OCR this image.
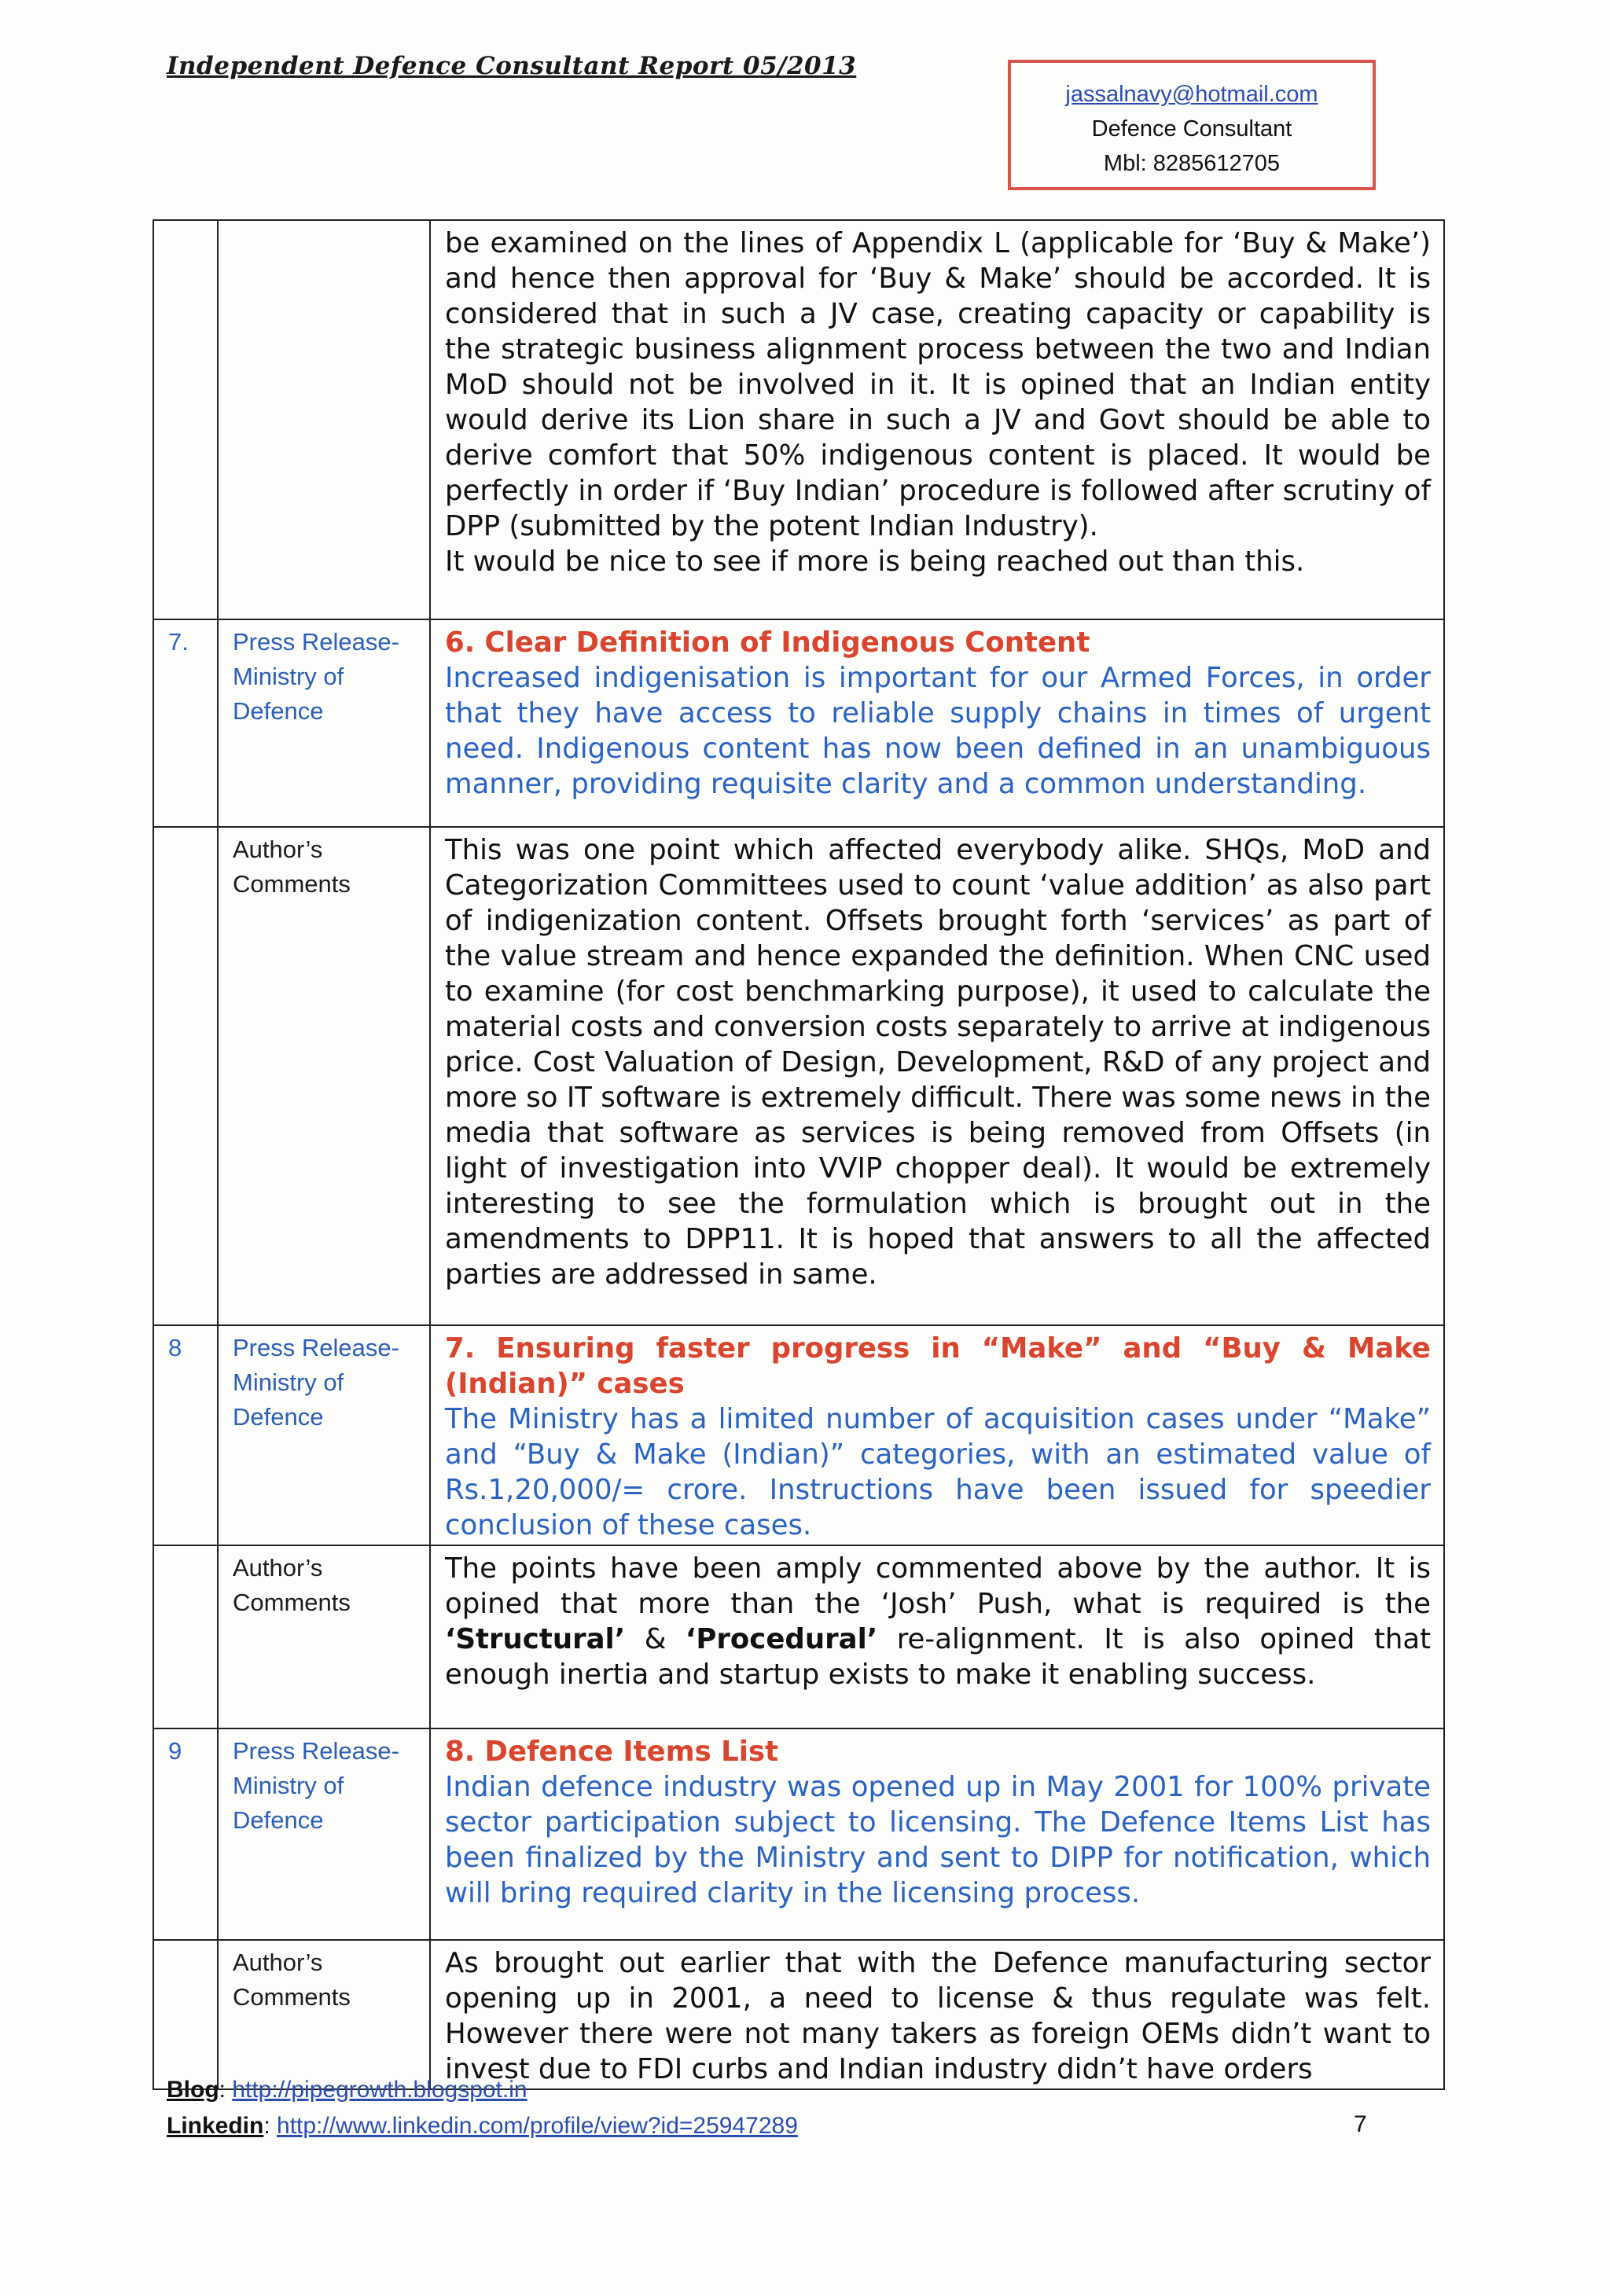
Independent Defence Consultant Report 05/2013
jassalnavy@hotmail.com
Defence Consultant
Mbl: 8285612705

		be examined on the lines of Appendix L (applicable for ‘Buy & Make’) and hence then approval for ‘Buy & Make’ should be accorded. It is considered that in such a JV case, creating capacity or capability is the strategic business alignment process between the two and Indian MoD should not be involved in it. It is opined that an Indian entity would derive its Lion share in such a JV and Govt should be able to derive comfort that 50% indigenous content is placed. It would be perfectly in order if ‘Buy Indian’ procedure is followed after scrutiny of DPP (submitted by the potent Indian Industry).

It would be nice to see if more is being reached out than this.

7.	Press Release- Ministry of Defence	6. Clear Definition of Indigenous Content

Increased indigenisation is important for our Armed Forces, in order that they have access to reliable supply chains in times of urgent need. Indigenous content has now been defined in an unambiguous manner, providing requisite clarity and a common understanding.

	Author’s Comments	This was one point which affected everybody alike. SHQs, MoD and Categorization Committees used to count ‘value addition’ as also part of indigenization content. Offsets brought forth ‘services’ as part of the value stream and hence expanded the definition. When CNC used to examine (for cost benchmarking purpose), it used to calculate the material costs and conversion costs separately to arrive at indigenous price. Cost Valuation of Design, Development, R&D of any project and more so IT software is extremely difficult. There was some news in the media that software as services is being removed from Offsets (in light of investigation into VVIP chopper deal). It would be extremely interesting to see the formulation which is brought out in the amendments to DPP11. It is hoped that answers to all the affected parties are addressed in same.

8	Press Release- Ministry of Defence	7. Ensuring faster progress in “Make” and “Buy & Make (Indian)” cases

The Ministry has a limited number of acquisition cases under “Make” and “Buy & Make (Indian)” categories, with an estimated value of Rs.1,20,000/= crore. Instructions have been issued for speedier conclusion of these cases.

	Author’s Comments	The points have been amply commented above by the author. It is opined that more than the ‘Josh’ Push, what is required is the ‘Structural’ & ‘Procedural’ re-alignment. It is also opined that enough inertia and startup exists to make it enabling success.

9	Press Release- Ministry of Defence	8. Defence Items List

Indian defence industry was opened up in May 2001 for 100% private sector participation subject to licensing. The Defence Items List has been finalized by the Ministry and sent to DIPP for notification, which will bring required clarity in the licensing process.

	Author’s Comments	As brought out earlier that with the Defence manufacturing sector opening up in 2001, a need to license & thus regulate was felt. However there were not many takers as foreign OEMs didn’t want to invest due to FDI curbs and Indian industry didn’t have orders

Blog: http://pipegrowth.blogspot.in
Linkedin: http://www.linkedin.com/profile/view?id=25947289	7
